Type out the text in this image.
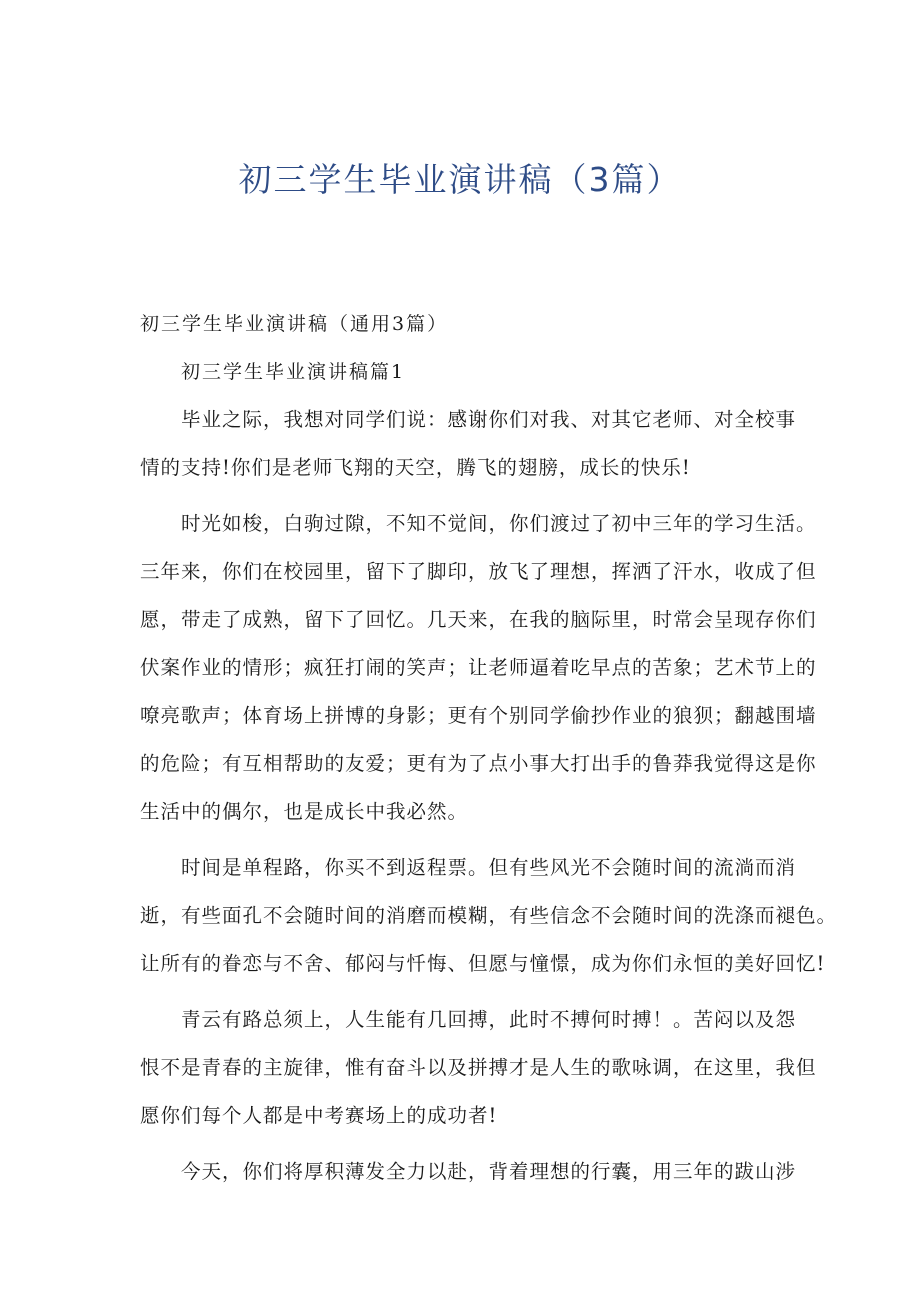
初三学生毕业演讲稿（3篇）
初三学生毕业演讲稿（通用3篇）
初三学生毕业演讲稿篇1
毕业之际，我想对同学们说：感谢你们对我、对其它老师、对全校事
情的支持!你们是老师飞翔的天空，腾飞的翅膀，成长的快乐!
时光如梭，白驹过隙，不知不觉间，你们渡过了初中三年的学习生活。
三年来，你们在校园里，留下了脚印，放飞了理想，挥洒了汗水，收成了但
愿，带走了成熟，留下了回忆。几天来，在我的脑际里，时常会呈现存你们
伏案作业的情形；疯狂打闹的笑声；让老师逼着吃早点的苦象；艺术节上的
嘹亮歌声；体育场上拼博的身影；更有个别同学偷抄作业的狼狈；翻越围墙
的危险；有互相帮助的友爱；更有为了点小事大打出手的鲁莽我觉得这是你
生活中的偶尔，也是成长中我必然。
时间是单程路，你买不到返程票。但有些风光不会随时间的流淌而消
逝，有些面孔不会随时间的消磨而模糊，有些信念不会随时间的洗涤而褪色。
让所有的眷恋与不舍、郁闷与忏悔、但愿与憧憬，成为你们永恒的美好回忆!
青云有路总须上，人生能有几回搏，此时不搏何时搏！。苦闷以及怨
恨不是青春的主旋律，惟有奋斗以及拼搏才是人生的歌咏调，在这里，我但
愿你们每个人都是中考赛场上的成功者!
今天，你们将厚积薄发全力以赴，背着理想的行囊，用三年的跋山涉
